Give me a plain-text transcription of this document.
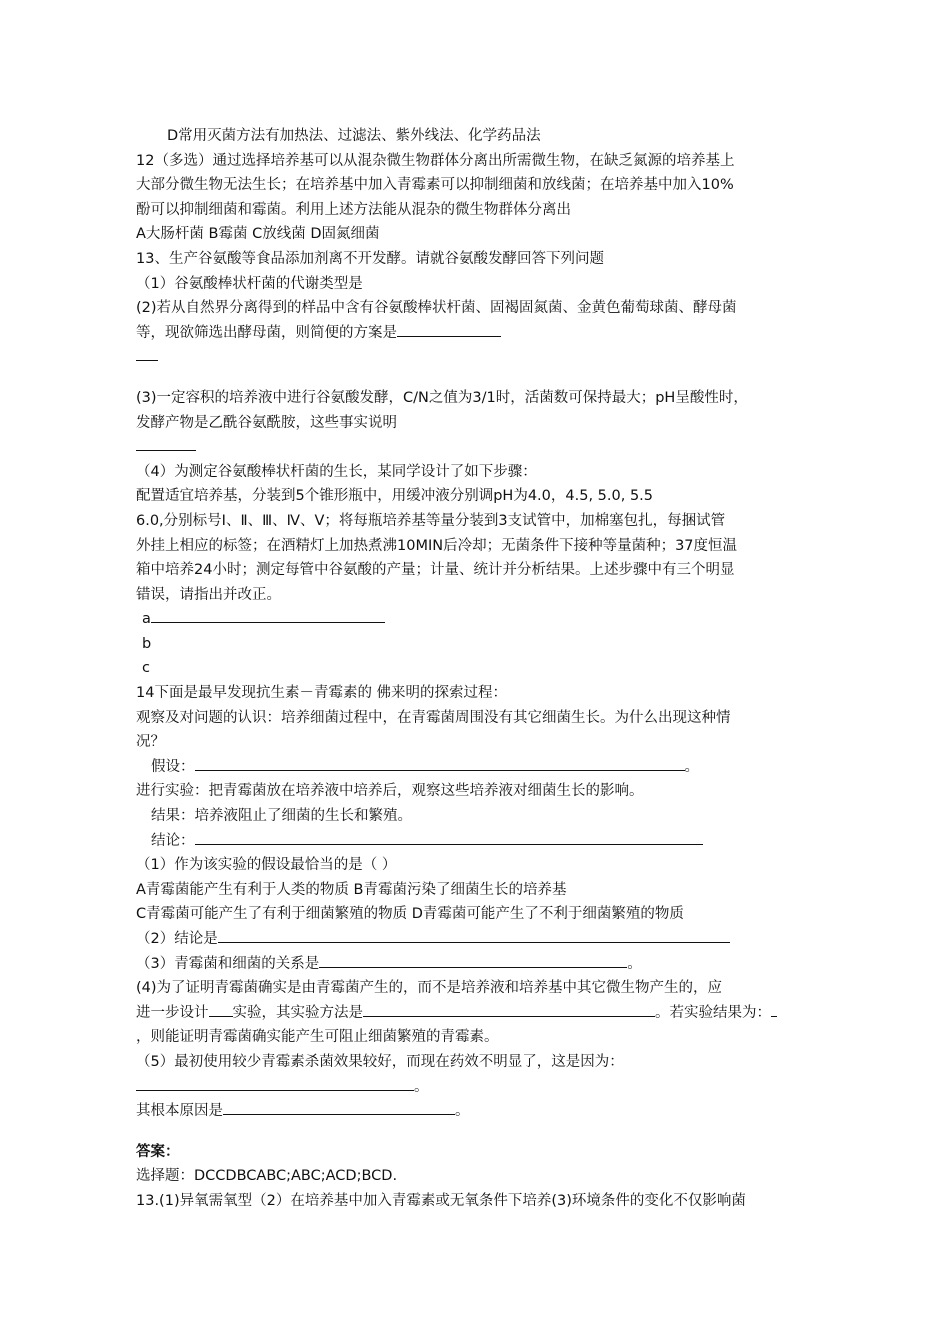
D常用灭菌方法有加热法、过滤法、紫外线法、化学药品法
12（多选）通过选择培养基可以从混杂微生物群体分离出所需微生物，在缺乏氮源的培养基上
大部分微生物无法生长；在培养基中加入青霉素可以抑制细菌和放线菌；在培养基中加入10%
酚可以抑制细菌和霉菌。利用上述方法能从混杂的微生物群体分离出
A大肠杆菌 B霉菌 C放线菌 D固氮细菌
13、生产谷氨酸等食品添加剂离不开发酵。请就谷氨酸发酵回答下列问题
（1）谷氨酸棒状杆菌的代谢类型是
(2)若从自然界分离得到的样品中含有谷氨酸棒状杆菌、固褐固氮菌、金黄色葡萄球菌、酵母菌
等，现欲筛选出酵母菌，则简便的方案是
(3)一定容积的培养液中进行谷氨酸发酵，C/N之值为3/1时，活菌数可保持最大；pH呈酸性时，
发酵产物是乙酰谷氨酰胺，这些事实说明
（4）为测定谷氨酸棒状杆菌的生长，某同学设计了如下步骤：
配置适宜培养基，分装到5个锥形瓶中，用缓冲液分别调pH为4.0，4.5, 5.0, 5.5
6.0,分别标号Ⅰ、Ⅱ、Ⅲ、Ⅳ、Ⅴ；将每瓶培养基等量分装到3支试管中，加棉塞包扎，每捆试管
外挂上相应的标签；在酒精灯上加热煮沸10MIN后冷却；无菌条件下接种等量菌种；37度恒温
箱中培养24小时；测定每管中谷氨酸的产量；计量、统计并分析结果。上述步骤中有三个明显
错误，请指出并改正。
a
b
c
14下面是最早发现抗生素－青霉素的 佛来明的探索过程：
观察及对问题的认识：培养细菌过程中，在青霉菌周围没有其它细菌生长。为什么出现这种情
况？
假设：	。
进行实验：把青霉菌放在培养液中培养后，观察这些培养液对细菌生长的影响。
结果：培养液阻止了细菌的生长和繁殖。
结论：
（1）作为该实验的假设最恰当的是（ ）
A青霉菌能产生有利于人类的物质 B青霉菌污染了细菌生长的培养基
C青霉菌可能产生了有利于细菌繁殖的物质 D青霉菌可能产生了不利于细菌繁殖的物质
（2）结论是
（3）青霉菌和细菌的关系是	。
(4)为了证明青霉菌确实是由青霉菌产生的，而不是培养液和培养基中其它微生物产生的，应
进一步设计 实验，其实验方法是	。若实验结果为：
，则能证明青霉菌确实能产生可阻止细菌繁殖的青霉素。
（5）最初使用较少青霉素杀菌效果较好，而现在药效不明显了，这是因为：
。
其根本原因是	。
答案：
选择题：DCCDBCABC;ABC;ACD;BCD.
13.(1)异氧需氧型（2）在培养基中加入青霉素或无氧条件下培养(3)环境条件的变化不仅影响菌
